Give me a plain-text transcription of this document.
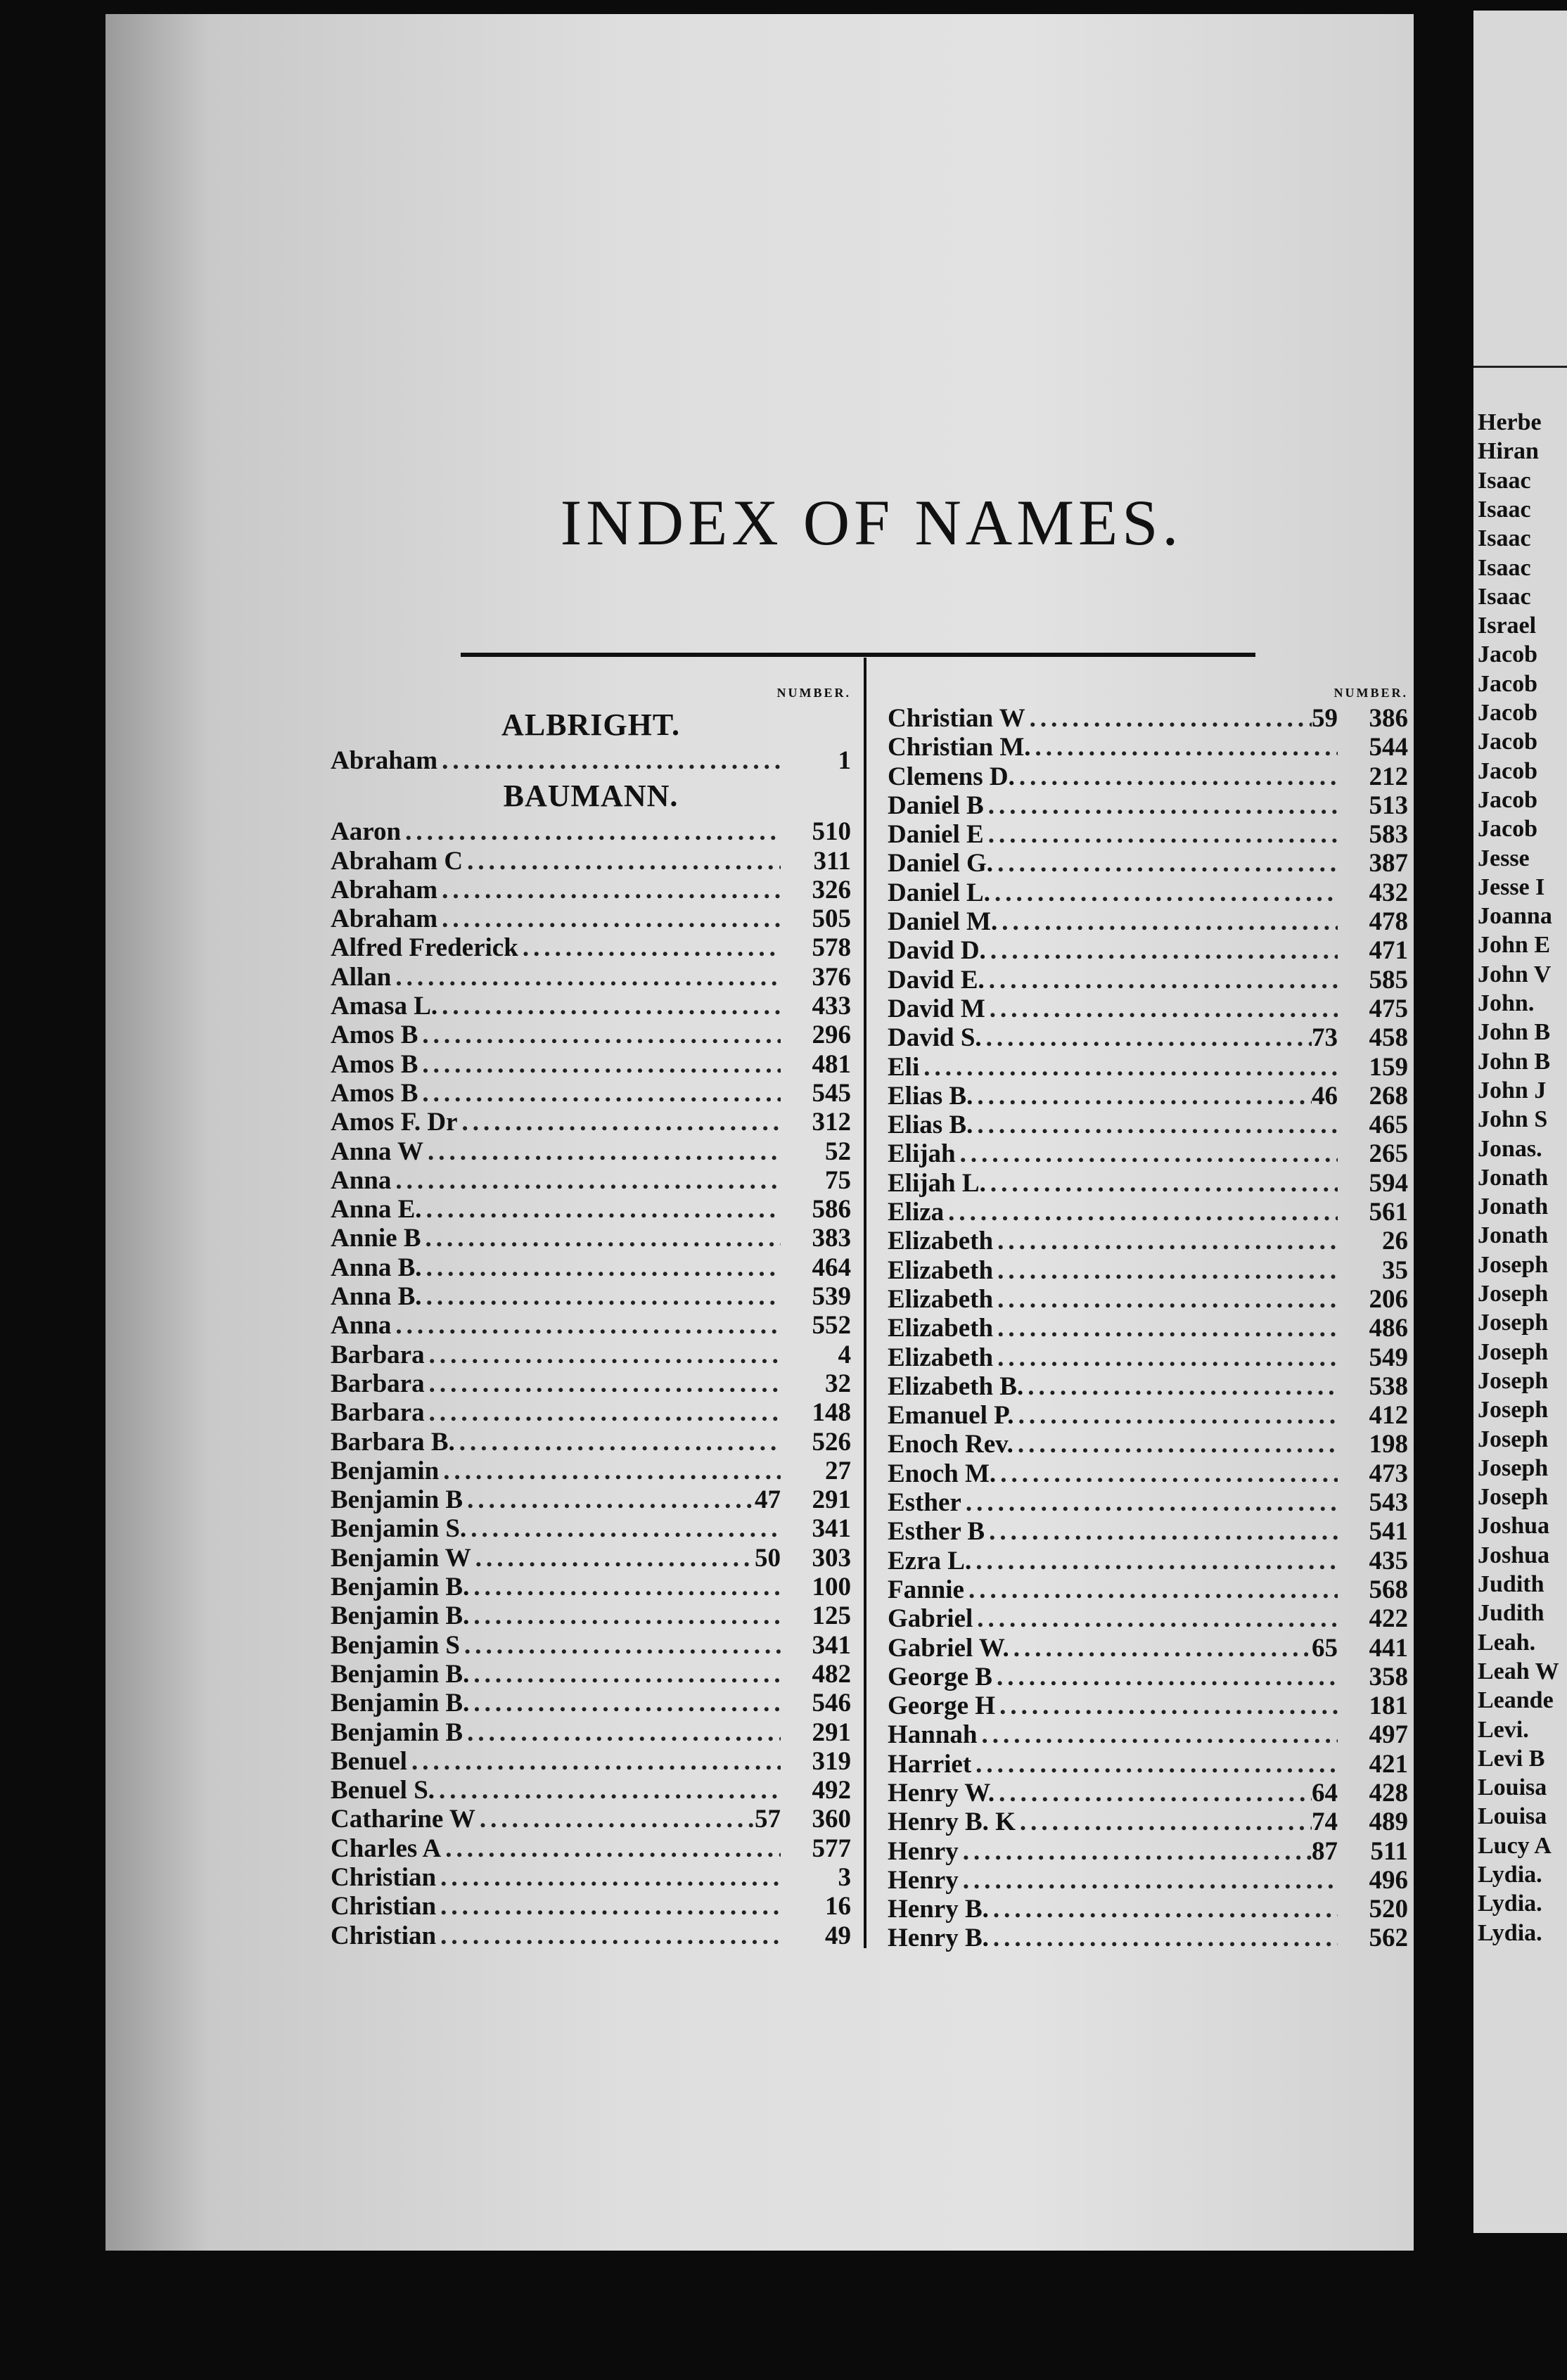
Herbe
Hiran
Isaac
Isaac
Isaac
Isaac
Isaac
Israel
Jacob
Jacob
Jacob
Jacob
Jacob
Jacob
Jacob
Jesse
Jesse I
Joanna
John E
John V
John.
John B
John B
John J
John S
Jonas.
Jonath
Jonath
Jonath
Joseph
Joseph
Joseph
Joseph
Joseph
Joseph
Joseph
Joseph
Joseph
Joshua
Joshua
Judith
Judith
Leah.
Leah W
Leande
Levi.
Levi B
Louisa
Louisa
Lucy A
Lydia.
Lydia.
Lydia.
INDEX OF NAMES.
NUMBER.
ALBRIGHT.
Abraham .....	1
BAUMANN.
Aaron .....	510
Abraham C .....	311
Abraham .....	326
Abraham .....	505
Alfred Frederick .....	578
Allan .....	376
Amasa L. .....	433
Amos B .....	296
Amos B .....	481
Amos B .....	545
Amos F. Dr .....	312
Anna W .....	52
Anna .....	75
Anna E. .....	586
Annie B .....	383
Anna B. .....	464
Anna B. .....	539
Anna .....	552
Barbara .....	4
Barbara .....	32
Barbara .....	148
Barbara B. .....	526
Benjamin .....	27
Benjamin B .....	47	291
Benjamin S. .....	341
Benjamin W .....	50	303
Benjamin B. .....	100
Benjamin B. .....	125
Benjamin S .....	341
Benjamin B. .....	482
Benjamin B. .....	546
Benjamin B .....	291
Benuel .....	319
Benuel S. .....	492
Catharine W .....	57	360
Charles A .....	577
Christian .....	3
Christian .....	16
Christian .....	49
NUMBER.
Christian W .....	59	386
Christian M. .....	544
Clemens D. .....	212
Daniel B .....	513
Daniel E .....	583
Daniel G. .....	387
Daniel L. .....	432
Daniel M. .....	478
David D. .....	471
David E. .....	585
David M .....	475
David S. .....	73	458
Eli .....	159
Elias B. .....	46	268
Elias B. .....	465
Elijah .....	265
Elijah L. .....	594
Eliza .....	561
Elizabeth .....	26
Elizabeth .....	35
Elizabeth .....	206
Elizabeth .....	486
Elizabeth .....	549
Elizabeth B. .....	538
Emanuel P. .....	412
Enoch Rev. .....	198
Enoch M. .....	473
Esther .....	543
Esther B .....	541
Ezra L. .....	435
Fannie .....	568
Gabriel .....	422
Gabriel W. .....	65	441
George B .....	358
George H .....	181
Hannah .....	497
Harriet .....	421
Henry W. .....	64	428
Henry B. K .....	74	489
Henry .....	87	511
Henry .....	496
Henry B. .....	520
Henry B. .....	562
